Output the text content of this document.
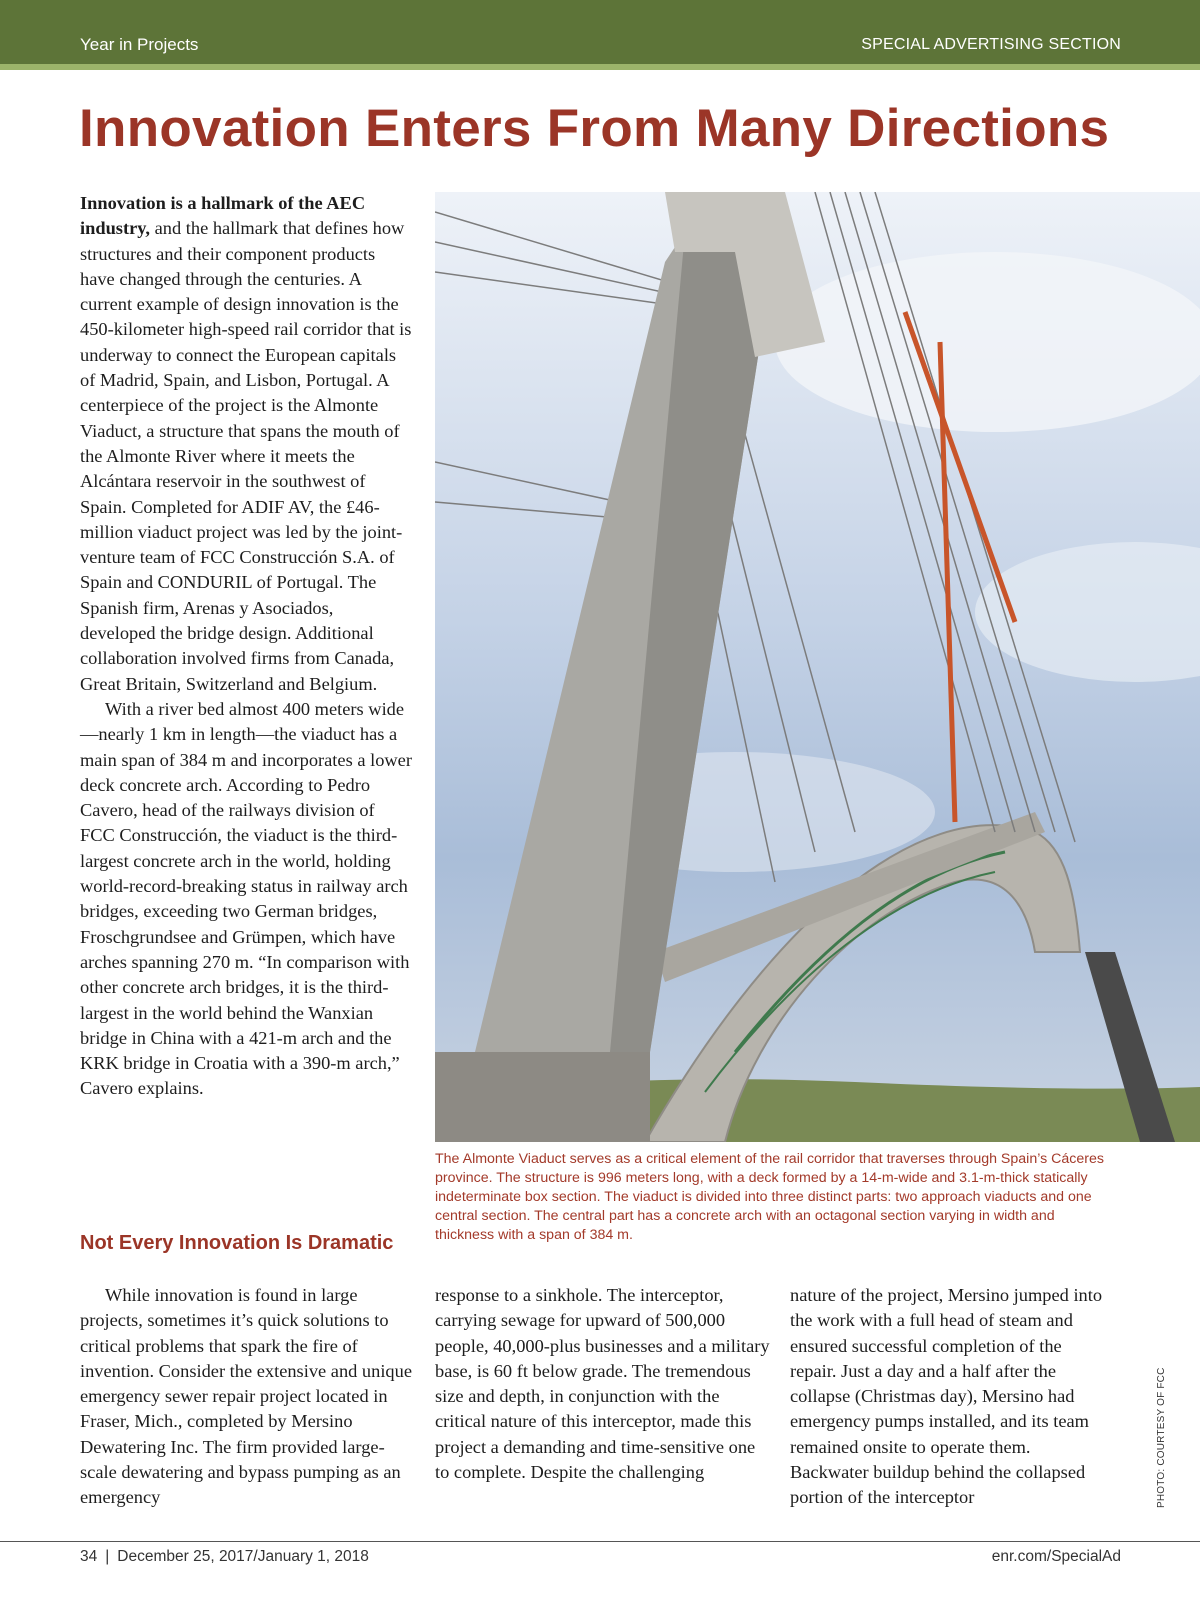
Year in Projects	SPECIAL ADVERTISING SECTION
Innovation Enters From Many Directions

Innovation is a hallmark of the AEC industry, and the hallmark that defines how structures and their component products have changed through the centuries. A current example of design innovation is the 450-kilometer high-speed rail corridor that is underway to connect the European capitals of Madrid, Spain, and Lisbon, Portugal. A centerpiece of the project is the Almonte Viaduct, a structure that spans the mouth of the Almonte River where it meets the Alcántara reservoir in the southwest of Spain. Completed for ADIF AV, the £46-million viaduct project was led by the joint-venture team of FCC Construcción S.A. of Spain and CONDURIL of Portugal. The Spanish firm, Arenas y Asociados, developed the bridge design. Additional collaboration involved firms from Canada, Great Britain, Switzerland and Belgium.

With a river bed almost 400 meters wide—nearly 1 km in length—the viaduct has a main span of 384 m and incorporates a lower deck concrete arch. According to Pedro Cavero, head of the railways division of FCC Construcción, the viaduct is the third-largest concrete arch in the world, holding world-record-breaking status in railway arch bridges, exceeding two German bridges, Froschgrundsee and Grümpen, which have arches spanning 270 m. “In comparison with other concrete arch bridges, it is the third-largest in the world behind the Wanxian bridge in China with a 421-m arch and the KRK bridge in Croatia with a 390-m arch,” Cavero explains.

The Almonte Viaduct serves as a critical element of the rail corridor that traverses through Spain’s Cáceres province. The structure is 996 meters long, with a deck formed by a 14-m-wide and 3.1-m-thick statically indeterminate box section. The viaduct is divided into three distinct parts: two approach viaducts and one central section. The central part has a concrete arch with an octagonal section varying in width and thickness with a span of 384 m.
Not Every Innovation Is Dramatic

While innovation is found in large projects, sometimes it’s quick solutions to critical problems that spark the fire of invention. Consider the extensive and unique emergency sewer repair project located in Fraser, Mich., completed by Mersino Dewatering Inc. The firm provided large-scale dewatering and bypass pumping as an emergency

response to a sinkhole. The interceptor, carrying sewage for upward of 500,000 people, 40,000-plus businesses and a military base, is 60 ft below grade. The tremendous size and depth, in conjunction with the critical nature of this interceptor, made this project a demanding and time-sensitive one to complete. Despite the challenging

nature of the project, Mersino jumped into the work with a full head of steam and ensured successful completion of the repair. Just a day and a half after the collapse (Christmas day), Mersino had emergency pumps installed, and its team remained onsite to operate them. Backwater buildup behind the collapsed portion of the interceptor	PHOTO: COURTESY OF FCC
34 | December 25, 2017/January 1, 2018	enr.com/SpecialAd
